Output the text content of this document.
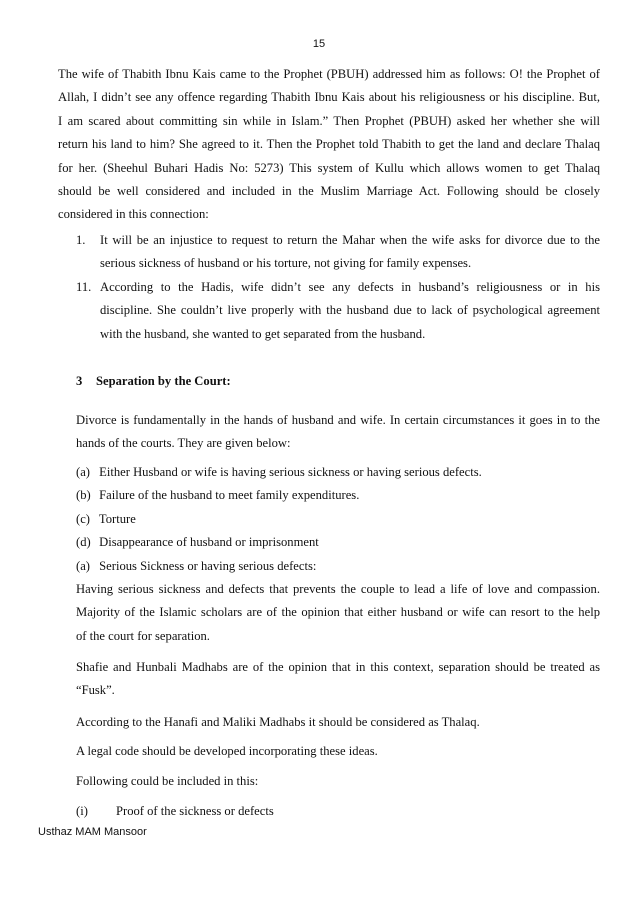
15

The wife of Thabith Ibnu Kais came to the Prophet (PBUH) addressed him as follows: O! the Prophet of
Allah, I didn’t see any offence regarding Thabith Ibnu Kais about his religiousness or his discipline. But,
I am scared about committing sin while in Islam.” Then Prophet (PBUH) asked her whether she will
return his land to him? She agreed to it. Then the Prophet told Thabith to get the land and declare Thalaq
for her. (Sheehul Buhari Hadis No: 5273) This system of Kullu which allows women to get Thalaq
should be well considered and included in the Muslim Marriage Act. Following should be closely
considered in this connection:

1. It will be an injustice to request to return the Mahar when the wife asks for divorce due to the
serious sickness of husband or his torture, not giving for family expenses.
11. According to the Hadis, wife didn’t see any defects in husband’s religiousness or in his
discipline. She couldn’t live properly with the husband due to lack of psychological agreement
with the husband, she wanted to get separated from the husband.
3 Separation by the Court:

Divorce is fundamentally in the hands of husband and wife. In certain circumstances it goes in to the
hands of the courts. They are given below:

(a) Either Husband or wife is having serious sickness or having serious defects.
(b) Failure of the husband to meet family expenditures.
(c) Torture
(d) Disappearance of husband or imprisonment
(a) Serious Sickness or having serious defects:

Having serious sickness and defects that prevents the couple to lead a life of love and compassion.
Majority of the Islamic scholars are of the opinion that either husband or wife can resort to the help
of the court for separation.

Shafie and Hunbali Madhabs are of the opinion that in this context, separation should be treated as
“Fusk”.

According to the Hanafi and Maliki Madhabs it should be considered as Thalaq.

A legal code should be developed incorporating these ideas.

Following could be included in this:

(i) Proof of the sickness or defects

Usthaz MAM Mansoor
